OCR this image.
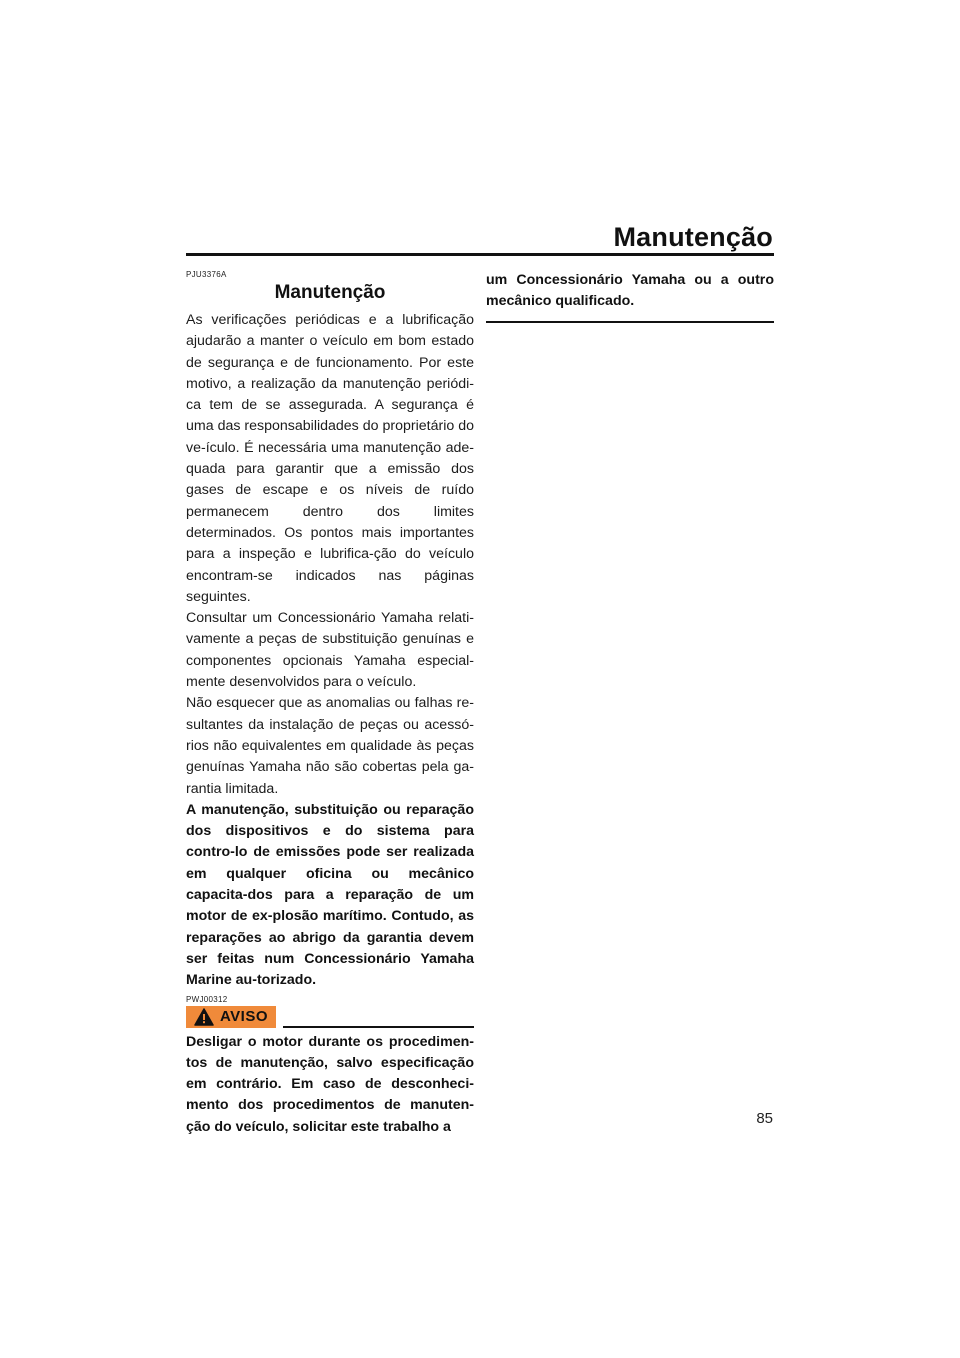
Manutenção
PJU3376A
Manutenção

As verificações periódicas e a lubrificação ajudarão a manter o veículo em bom estado de segurança e de funcionamento. Por este motivo, a realização da manutenção periódi-ca tem de se assegurada. A segurança é uma das responsabilidades do proprietário do ve-ículo. É necessária uma manutenção ade-quada para garantir que a emissão dos gases de escape e os níveis de ruído permanecem dentro dos limites determinados. Os pontos mais importantes para a inspeção e lubrifica-ção do veículo encontram-se indicados nas páginas seguintes.

Consultar um Concessionário Yamaha relati-vamente a peças de substituição genuínas e componentes opcionais Yamaha especial-mente desenvolvidos para o veículo.

Não esquecer que as anomalias ou falhas re-sultantes da instalação de peças ou acessó-rios não equivalentes em qualidade às peças genuínas Yamaha não são cobertas pela ga-rantia limitada.

A manutenção, substituição ou reparação dos dispositivos e do sistema para contro-lo de emissões pode ser realizada em qualquer oficina ou mecânico capacita-dos para a reparação de um motor de ex-plosão marítimo. Contudo, as reparações ao abrigo da garantia devem ser feitas num Concessionário Yamaha Marine au-torizado.

PWJ00312
AVISO

Desligar o motor durante os procedimen-tos de manutenção, salvo especificação em contrário. Em caso de desconheci-mento dos procedimentos de manuten-ção do veículo, solicitar este trabalho a

um Concessionário Yamaha ou a outro mecânico qualificado.

85
